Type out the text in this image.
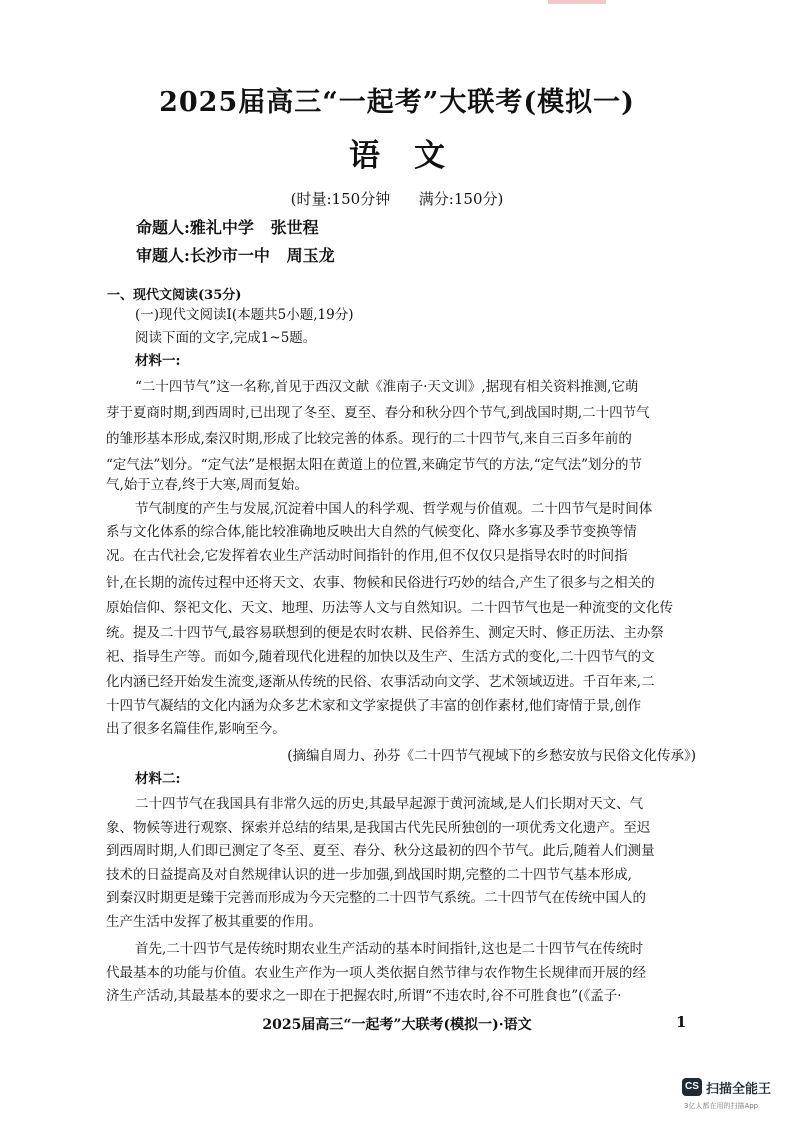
2025届高三“一起考”大联考(模拟一)
语文
(时量:150分钟      满分:150分)
命题人:雅礼中学   张世程
审题人:长沙市一中   周玉龙
一、现代文阅读(35分)
(一)现代文阅读Ⅰ(本题共5小题,19分)
阅读下面的文字,完成1~5题。
材料一:
“二十四节气”这一名称,首见于西汉文献《淮南子·天文训》,据现有相关资料推测,它萌
芽于夏商时期,到西周时,已出现了冬至、夏至、春分和秋分四个节气,到战国时期,二十四节气
的雏形基本形成,秦汉时期,形成了比较完善的体系。现行的二十四节气,来自三百多年前的
“定气法”划分。“定气法”是根据太阳在黄道上的位置,来确定节气的方法,“定气法”划分的节
气,始于立春,终于大寒,周而复始。
节气制度的产生与发展,沉淀着中国人的科学观、哲学观与价值观。二十四节气是时间体
系与文化体系的综合体,能比较准确地反映出大自然的气候变化、降水多寡及季节变换等情
况。在古代社会,它发挥着农业生产活动时间指针的作用,但不仅仅只是指导农时的时间指
针,在长期的流传过程中还将天文、农事、物候和民俗进行巧妙的结合,产生了很多与之相关的
原始信仰、祭祀文化、天文、地理、历法等人文与自然知识。二十四节气也是一种流变的文化传
统。提及二十四节气,最容易联想到的便是农时农耕、民俗养生、测定天时、修正历法、主办祭
祀、指导生产等。而如今,随着现代化进程的加快以及生产、生活方式的变化,二十四节气的文
化内涵已经开始发生流变,逐渐从传统的民俗、农事活动向文学、艺术领域迈进。千百年来,二
十四节气凝结的文化内涵为众多艺术家和文学家提供了丰富的创作素材,他们寄情于景,创作
出了很多名篇佳作,影响至今。
(摘编自周力、孙芬《二十四节气视域下的乡愁安放与民俗文化传承》)
材料二:
二十四节气在我国具有非常久远的历史,其最早起源于黄河流域,是人们长期对天文、气
象、物候等进行观察、探索并总结的结果,是我国古代先民所独创的一项优秀文化遗产。至迟
到西周时期,人们即已测定了冬至、夏至、春分、秋分这最初的四个节气。此后,随着人们测量
技术的日益提高及对自然规律认识的进一步加强,到战国时期,完整的二十四节气基本形成,
到秦汉时期更是臻于完善而形成为今天完整的二十四节气系统。二十四节气在传统中国人的
生产生活中发挥了极其重要的作用。
首先,二十四节气是传统时期农业生产活动的基本时间指针,这也是二十四节气在传统时
代最基本的功能与价值。农业生产作为一项人类依据自然节律与农作物生长规律而开展的经
济生产活动,其最基本的要求之一即在于把握农时,所谓“不违农时,谷不可胜食也”(《孟子·
2025届高三“一起考”大联考(模拟一)·语文	1
CS 扫描全能王
3亿人都在用的扫描App
